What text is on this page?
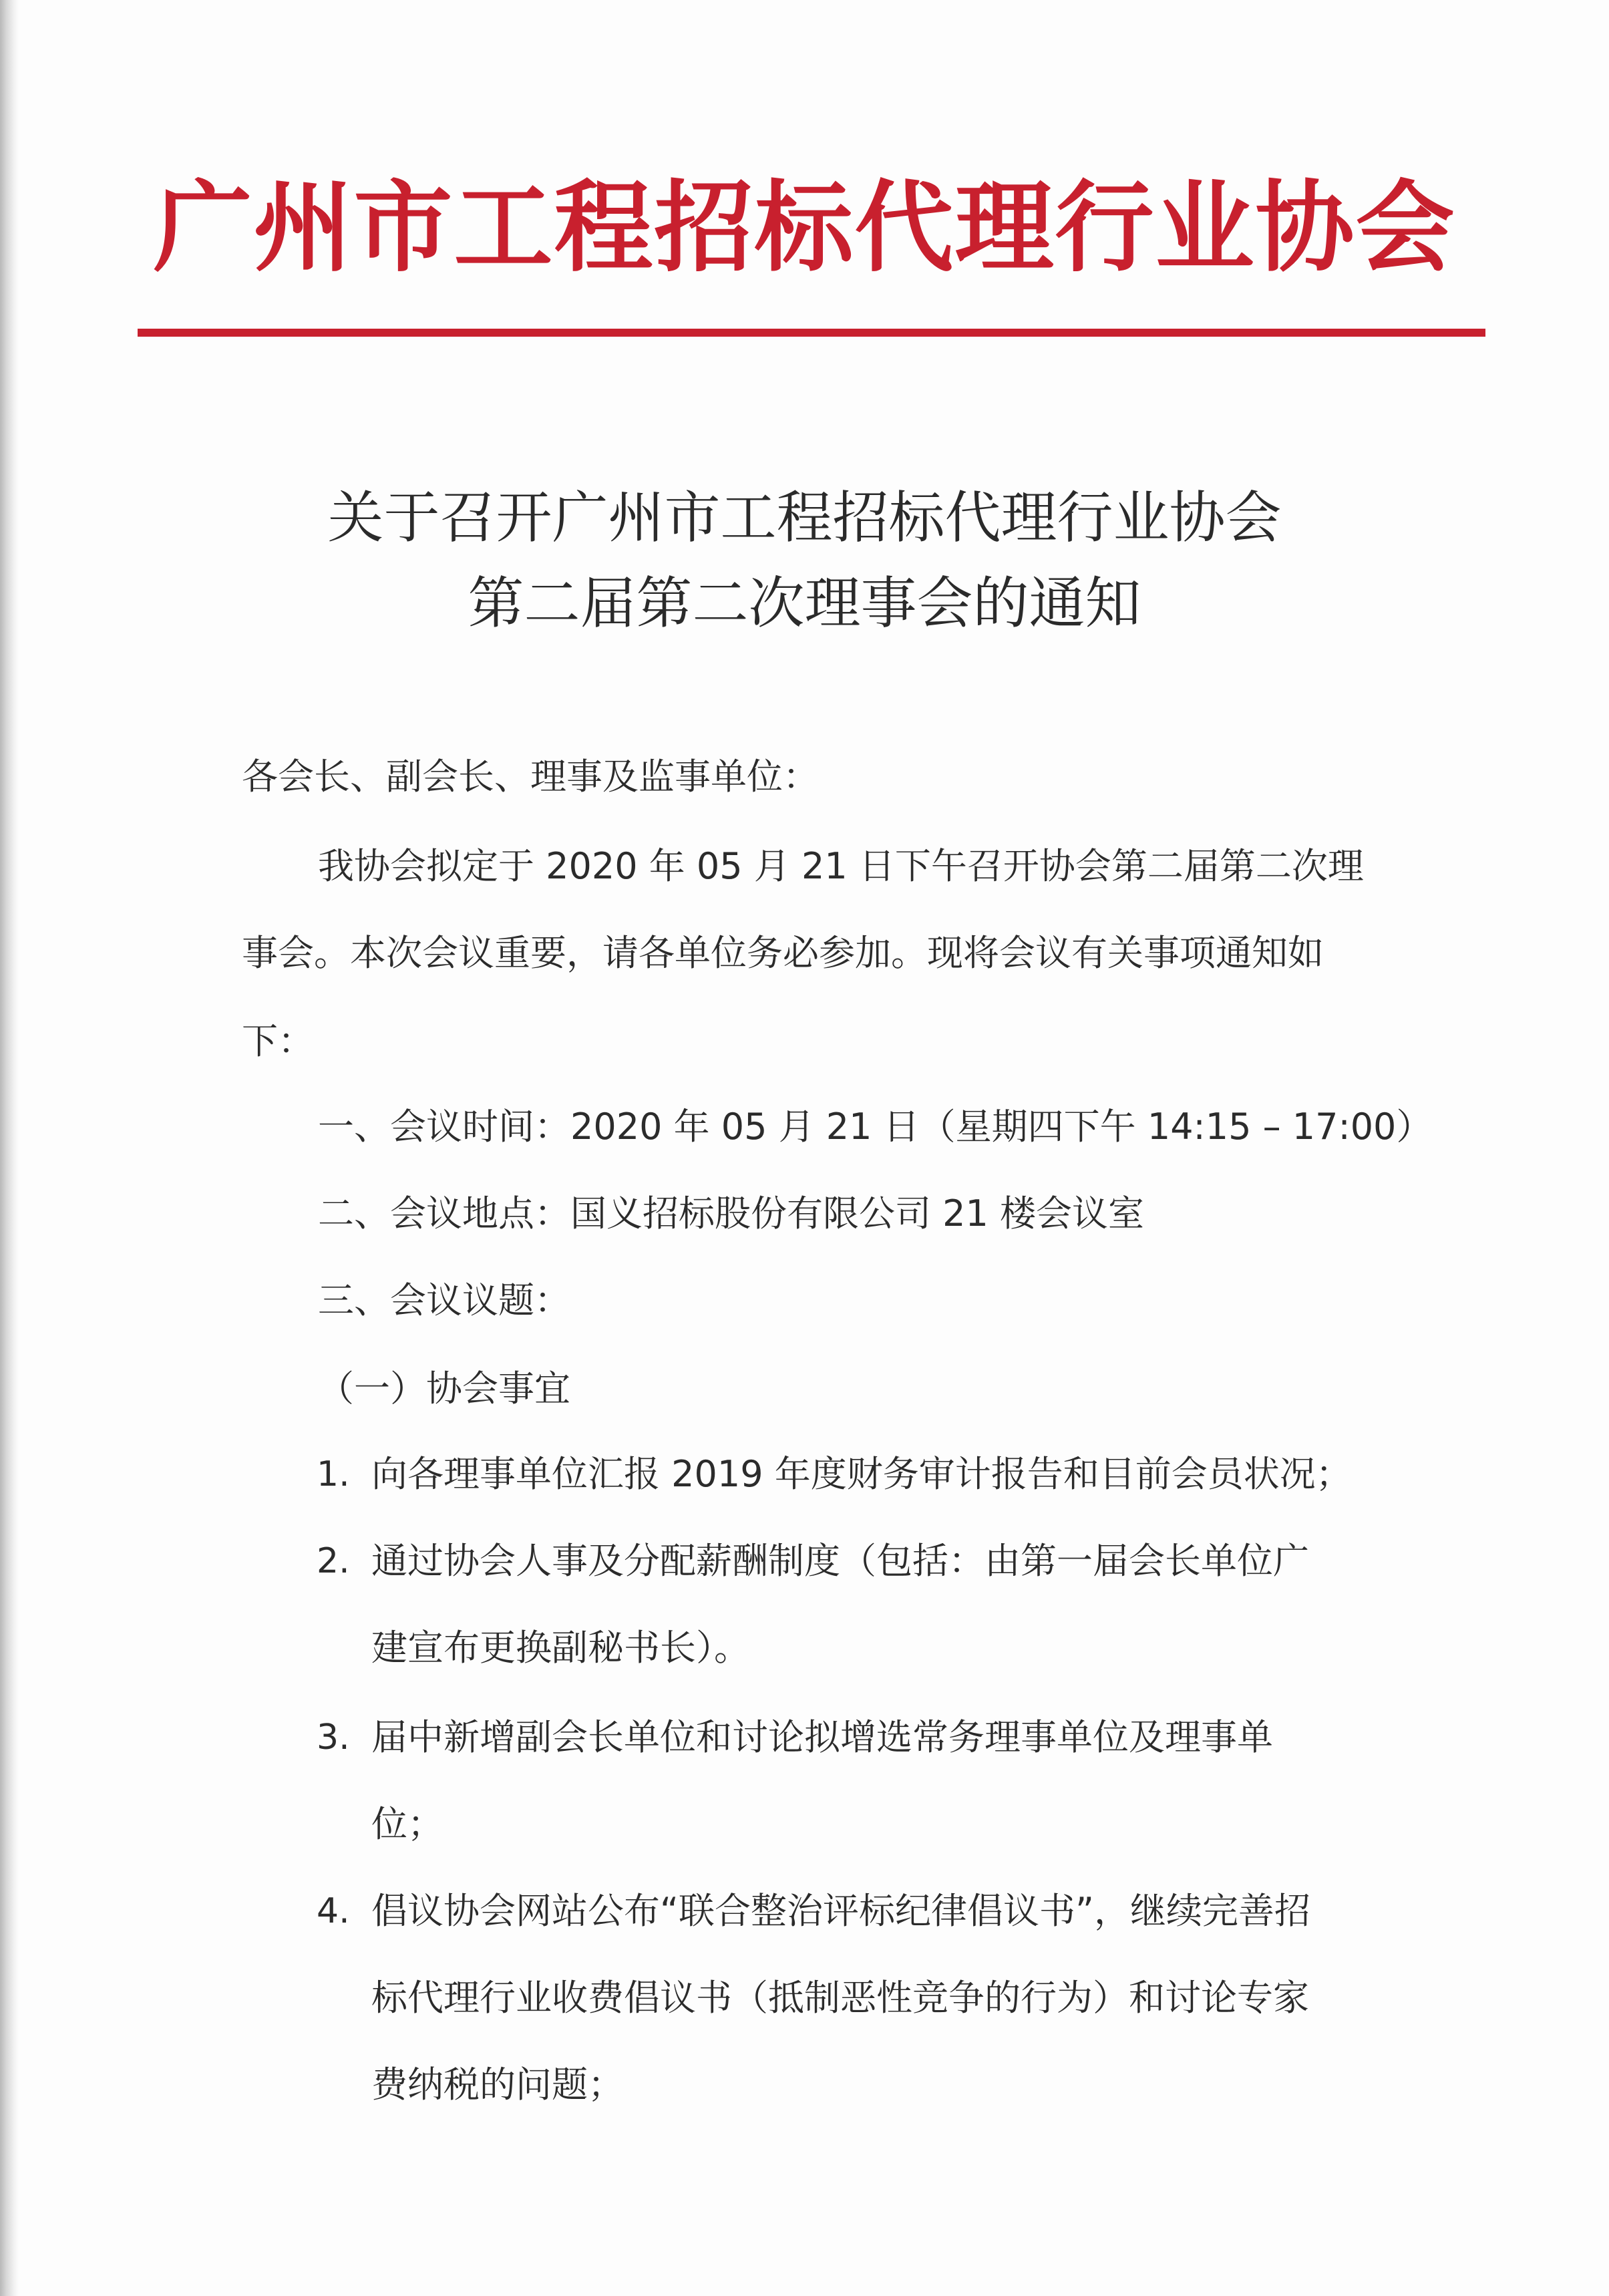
广州市工程招标代理行业协会
关于召开广州市工程招标代理行业协会
第二届第二次理事会的通知
各会长、副会长、理事及监事单位：
我协会拟定于 2020 年 05 月 21 日下午召开协会第二届第二次理
事会。本次会议重要，请各单位务必参加。现将会议有关事项通知如
下：
一、会议时间：2020 年 05 月 21 日（星期四下午 14:15 – 17:00）
二、会议地点：国义招标股份有限公司 21 楼会议室
三、会议议题：
（一）协会事宜
1. 向各理事单位汇报 2019 年度财务审计报告和目前会员状况；
2. 通过协会人事及分配薪酬制度（包括：由第一届会长单位广
建宣布更换副秘书长）。
3. 届中新增副会长单位和讨论拟增选常务理事单位及理事单
位；
4. 倡议协会网站公布“联合整治评标纪律倡议书”，继续完善招
标代理行业收费倡议书（抵制恶性竞争的行为）和讨论专家
费纳税的问题；
